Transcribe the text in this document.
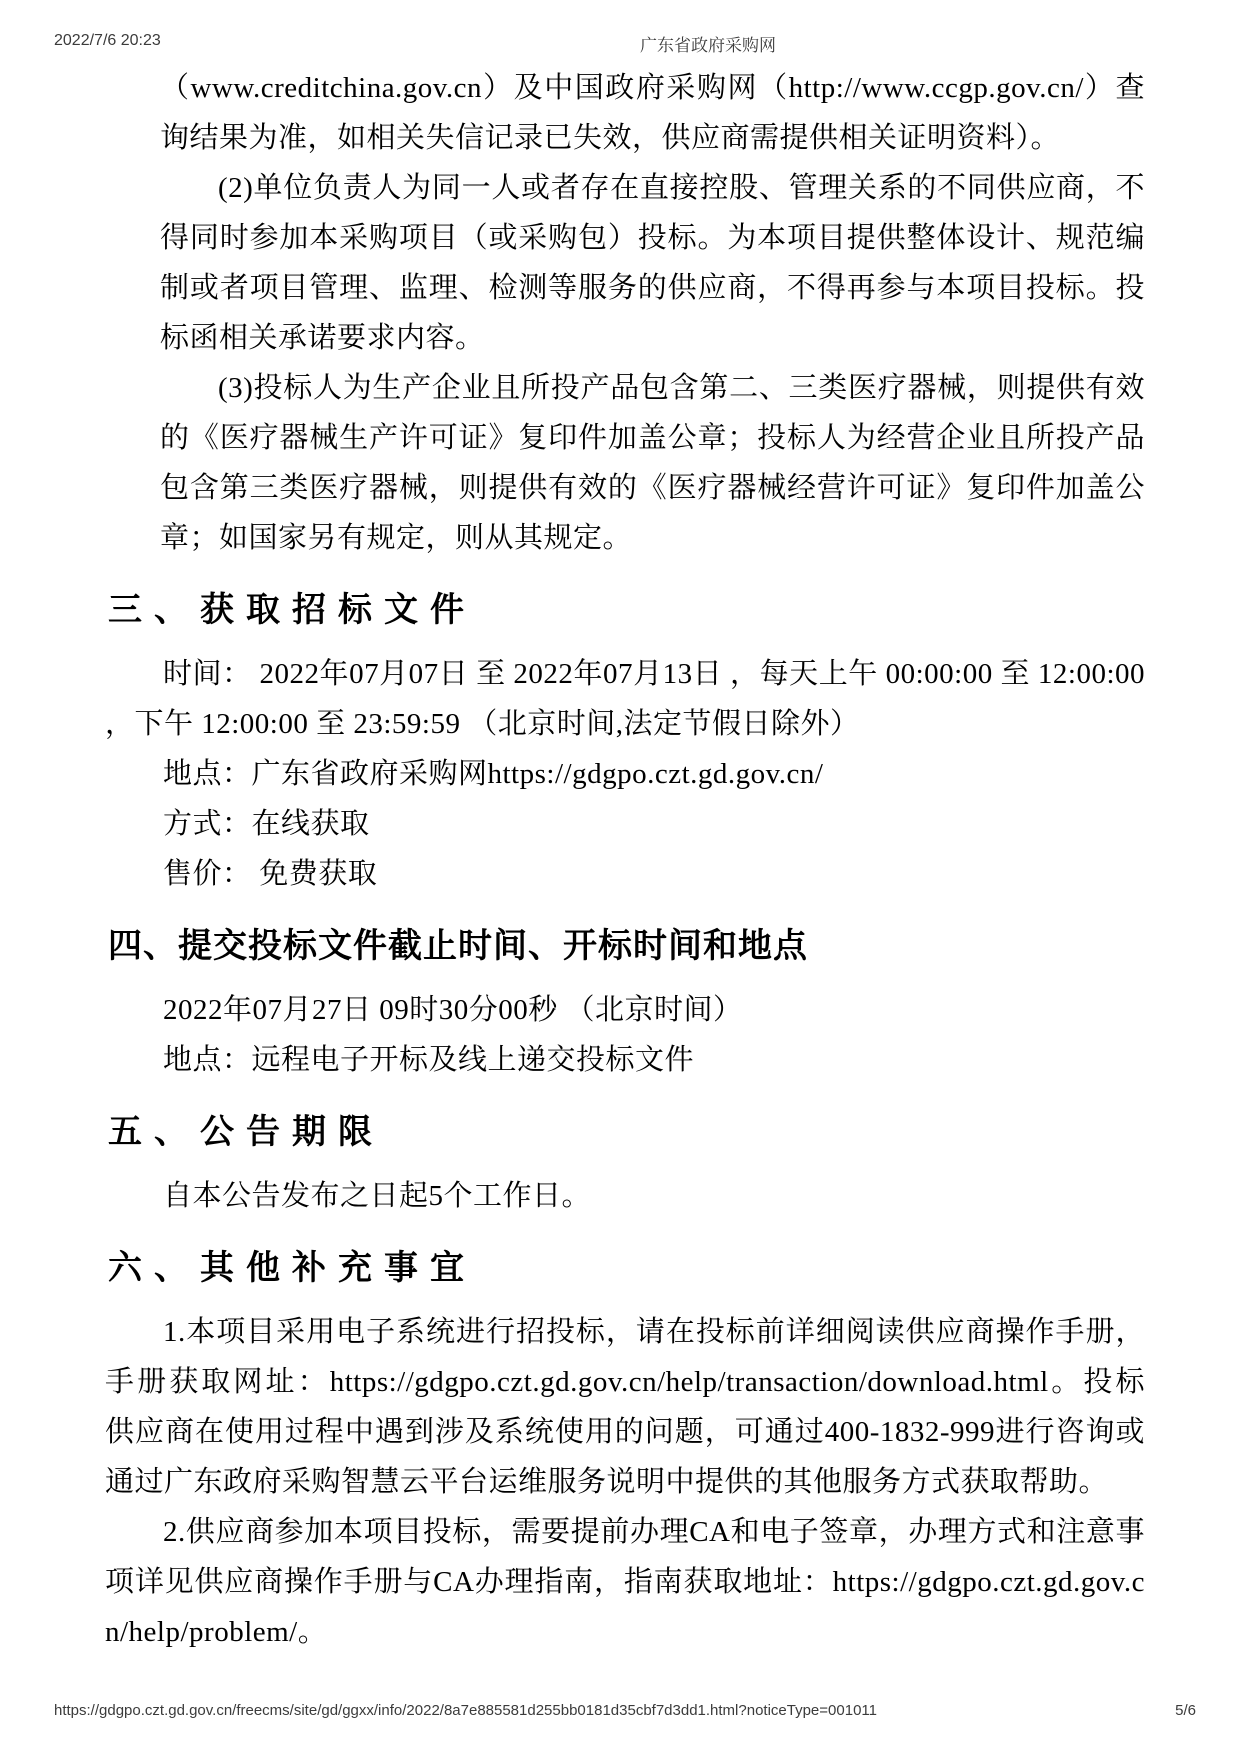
2022/7/6 20:23	广东省政府采购网

（www.creditchina.gov.cn）及中国政府采购网（http://www.ccgp.gov.cn/）查询结果为准，如相关失信记录已失效，供应商需提供相关证明资料）。

(2)单位负责人为同一人或者存在直接控股、管理关系的不同供应商，不得同时参加本采购项目（或采购包）投标。为本项目提供整体设计、规范编制或者项目管理、监理、检测等服务的供应商，不得再参与本项目投标。投标函相关承诺要求内容。

(3)投标人为生产企业且所投产品包含第二、三类医疗器械，则提供有效的《医疗器械生产许可证》复印件加盖公章；投标人为经营企业且所投产品包含第三类医疗器械，则提供有效的《医疗器械经营许可证》复印件加盖公章；如国家另有规定，则从其规定。

三、获取招标文件

时间： 2022年07月07日 至 2022年07月13日 ，每天上午 00:00:00 至 12:00:00 ，下午 12:00:00 至 23:59:59 （北京时间,法定节假日除外）

地点：广东省政府采购网https://gdgpo.czt.gd.gov.cn/

方式：在线获取

售价： 免费获取

四、提交投标文件截止时间、开标时间和地点

2022年07月27日 09时30分00秒 （北京时间）

地点：远程电子开标及线上递交投标文件

五、公告期限

自本公告发布之日起5个工作日。

六、其他补充事宜

1.本项目采用电子系统进行招投标，请在投标前详细阅读供应商操作手册，手册获取网址：https://gdgpo.czt.gd.gov.cn/help/transaction/download.html。投标供应商在使用过程中遇到涉及系统使用的问题，可通过400-1832-999进行咨询或通过广东政府采购智慧云平台运维服务说明中提供的其他服务方式获取帮助。

2.供应商参加本项目投标，需要提前办理CA和电子签章，办理方式和注意事项详见供应商操作手册与CA办理指南，指南获取地址：https://gdgpo.czt.gd.gov.cn/help/problem/。

https://gdgpo.czt.gd.gov.cn/freecms/site/gd/ggxx/info/2022/8a7e885581d255bb0181d35cbf7d3dd1.html?noticeType=001011	5/6
